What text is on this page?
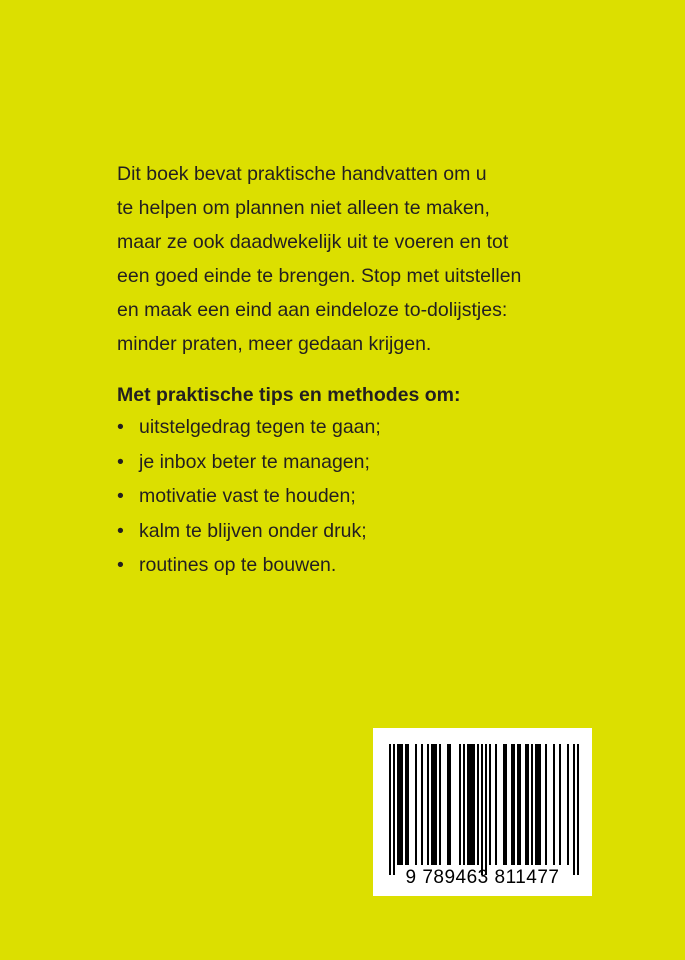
Dit boek bevat praktische handvatten om u
te helpen om plannen niet alleen te maken,
maar ze ook daadwekelijk uit te voeren en tot
een goed einde te brengen. Stop met uitstellen
en maak een eind aan eindeloze to-dolijstjes:
minder praten, meer gedaan krijgen.
Met praktische tips en methodes om:
• uitstelgedrag tegen te gaan;
• je inbox beter te managen;
• motivatie vast te houden;
• kalm te blijven onder druk;
• routines op te bouwen.
9 789463 811477
